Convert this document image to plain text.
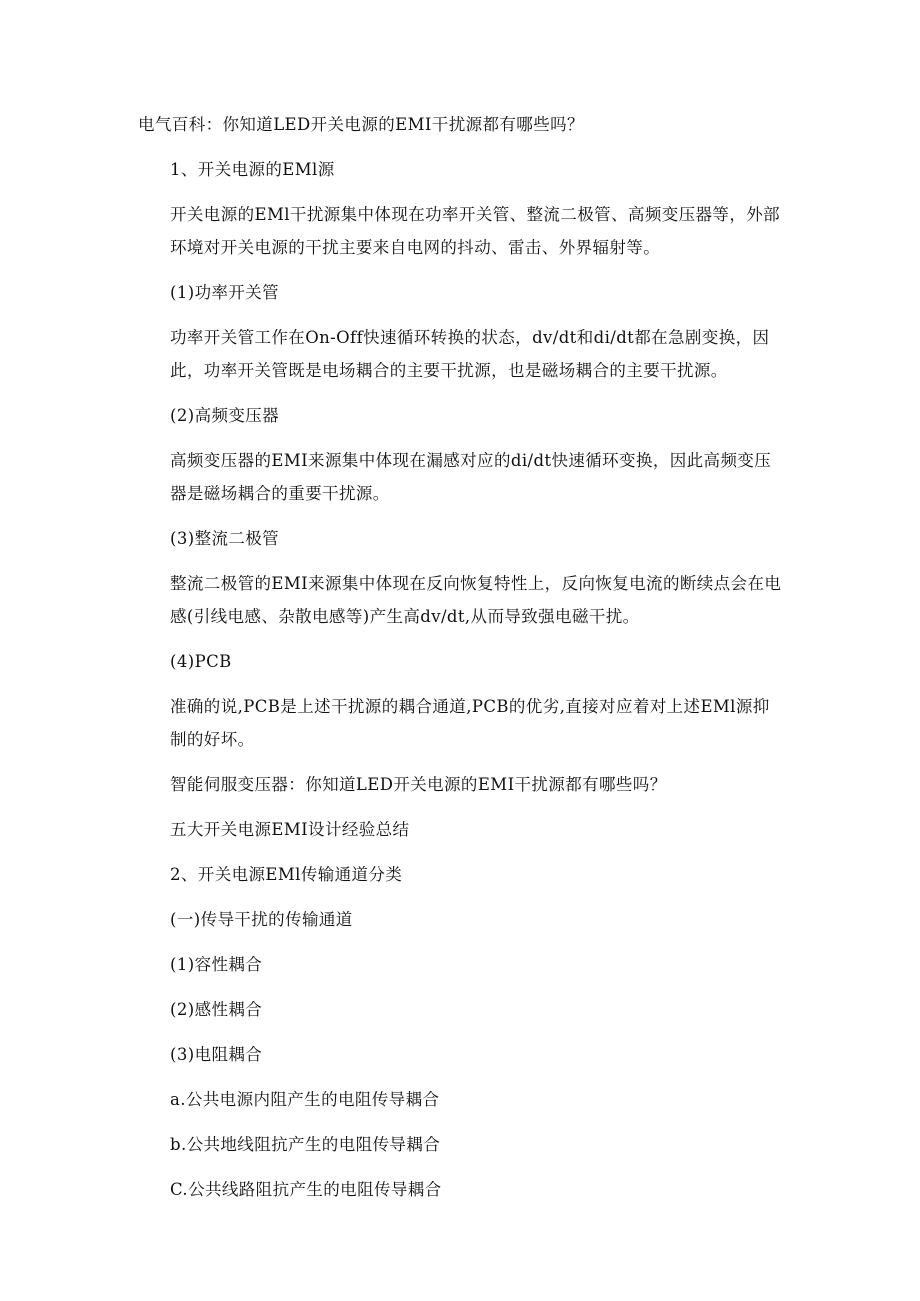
电气百科：你知道LED开关电源的EMI干扰源都有哪些吗？

1、开关电源的EMl源

开关电源的EMl干扰源集中体现在功率开关管、整流二极管、高频变压器等，外部环境对开关电源的干扰主要来自电网的抖动、雷击、外界辐射等。

(1)功率开关管

功率开关管工作在On-Off快速循环转换的状态，dv/dt和di/dt都在急剧变换，因此，功率开关管既是电场耦合的主要干扰源，也是磁场耦合的主要干扰源。

(2)高频变压器

高频变压器的EMI来源集中体现在漏感对应的di/dt快速循环变换，因此高频变压器是磁场耦合的重要干扰源。

(3)整流二极管

整流二极管的EMI来源集中体现在反向恢复特性上，反向恢复电流的断续点会在电感(引线电感、杂散电感等)产生高dv/dt,从而导致强电磁干扰。

(4)PCB

准确的说,PCB是上述干扰源的耦合通道,PCB的优劣,直接对应着对上述EMl源抑制的好坏。

智能伺服变压器：你知道LED开关电源的EMI干扰源都有哪些吗？

五大开关电源EMI设计经验总结

2、开关电源EMl传输通道分类

(一)传导干扰的传输通道

(1)容性耦合

(2)感性耦合

(3)电阻耦合

a.公共电源内阻产生的电阻传导耦合

b.公共地线阻抗产生的电阻传导耦合

C.公共线路阻抗产生的电阻传导耦合
